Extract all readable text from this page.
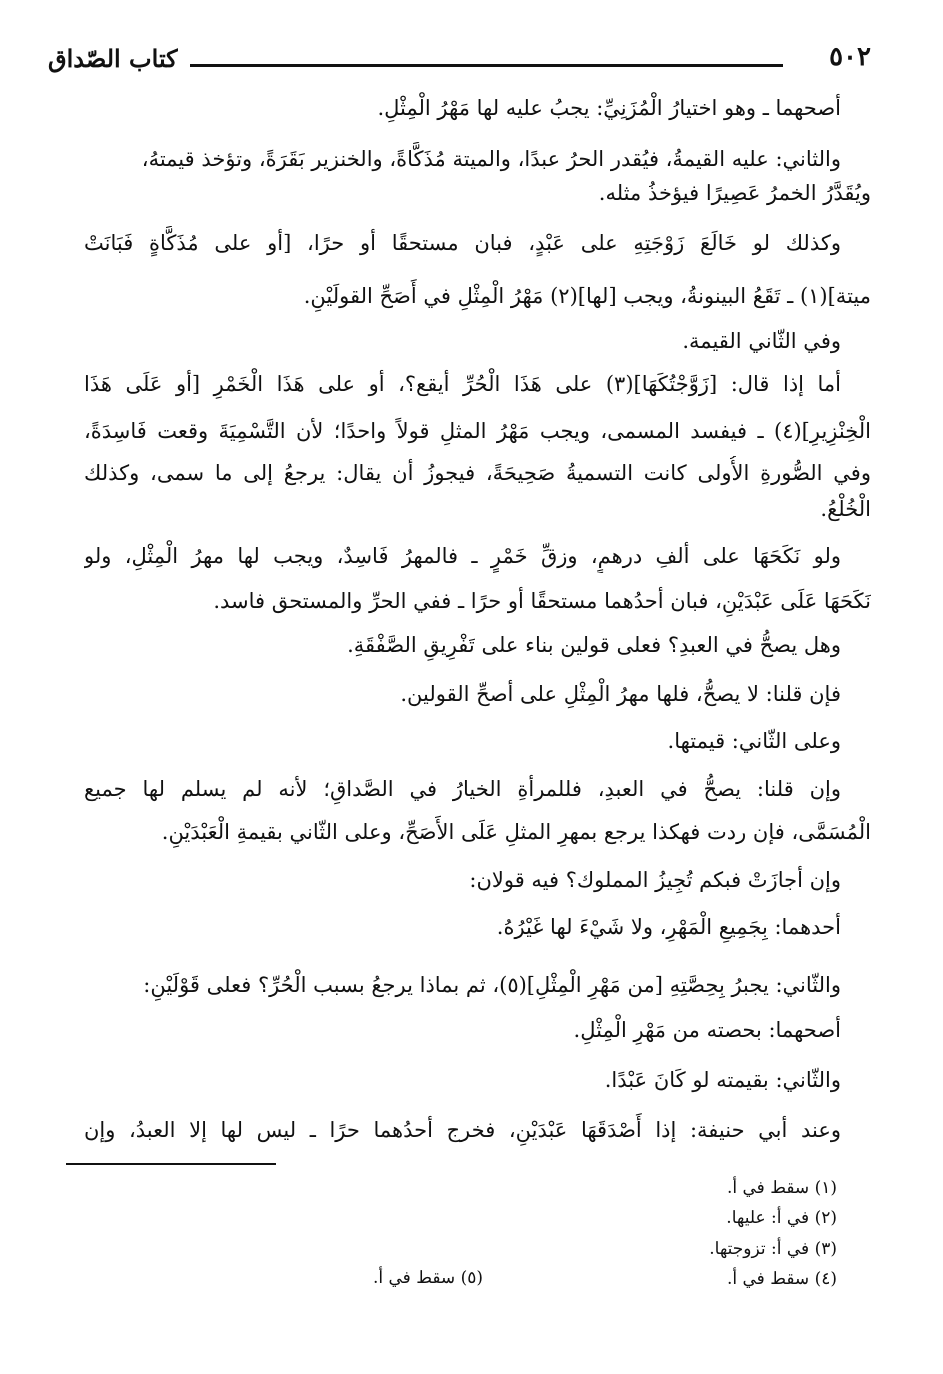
٥٠٢
كتاب الصّداق
أصحهما ـ وهو اختيارُ الْمُزَنِيِّ: يجبُ عليه لها مَهْرُ الْمِثْلِ.
والثاني: عليه القيمةُ، فيُقدر الحرُ عبدًا، والميتة مُذَكَّاةً، والخنزير بَقَرَةً، وتؤخذ قيمتهُ،
ويُقَدَّرُ الخمرُ عَصِيرًا فيؤخذُ مثله.
وكذلك لو خَالَعَ زَوْجَتِهِ على عَبْدٍ، فبان مستحقًا أو حرًا، [أو على مُذَكَّاةٍ فَبَانَتْ
ميتة](١) ـ تَقَعُ البينونةُ، ويجب [لها](٢) مَهْرُ الْمِثْلِ في أَصَحِّ القولَيْنِ.
وفي الثّاني القيمة.
أما إذا قال: [زَوَّجْتُكَهَا](٣) على هَذَا الْحُرِّ أيقع؟، أو على هَذَا الْخَمْرِ [أو عَلَى هَذَا
الْخِنْزِيرِ](٤) ـ فيفسد المسمى، ويجب مَهْرُ المثلِ قولاً واحدًا؛ لأن التَّسْمِيَةَ وقعت فَاسِدَةً،
وفي الصُّورةِ الأُولى كانت التسميةُ صَحِيحَةً، فيجوزُ أن يقال: يرجعُ إلى ما سمى، وكذلك
الْخُلْعُ.
ولو نَكَحَهَا على ألفِ درهمٍ، وزقِّ خَمْرٍ ـ فالمهرُ فَاسِدٌ، ويجب لها مهرُ الْمِثْلِ، ولو
نَكَحَهَا عَلَى عَبْدَيْنِ، فبان أحدُهما مستحقًا أو حرًا ـ ففي الحرِّ والمستحق فاسد.
وهل يصحُّ في العبدِ؟ فعلى قولين بناء على تَفْرِيقِ الصَّفْقَةِ.
فإن قلنا: لا يصحُّ، فلها مهرُ الْمِثْلِ على أصحِّ القولين.
وعلى الثّاني: قيمتها.
وإن قلنا: يصحُّ في العبدِ، فللمرأةِ الخيارُ في الصَّداقِ؛ لأنه لم يسلم لها جميع
الْمُسَمَّى، فإن ردت فهكذا يرجع بمهرِ المثلِ عَلَى الأَصَحِّ، وعلى الثّاني بقيمةِ الْعَبْدَيْنِ.
وإن أجازَتْ فبكم تُجِيزُ المملوك؟ فيه قولان:
أحدهما: بِجَمِيعِ الْمَهْرِ، ولا شَيْءَ لها غَيْرُهُ.
والثّاني: يجبرُ بِحِصَّتِهِ [من مَهْرِ الْمِثْلِ](٥)، ثم بماذا يرجعُ بسبب الْحُرِّ؟ فعلى قَوْلَيْنِ:
أصحهما: بحصته من مَهْرِ الْمِثْلِ.
والثّاني: بقيمته لو كَانَ عَبْدًا.
وعند أبي حنيفة: إذا أَصْدَقَهَا عَبْدَيْنِ، فخرج أحدُهما حرًا ـ ليس لها إلا العبدُ، وإن
(١) سقط في أ.
(٢) في أ: عليها.
(٣) في أ: تزوجتها.
(٤) سقط في أ.
(٥) سقط في أ.
